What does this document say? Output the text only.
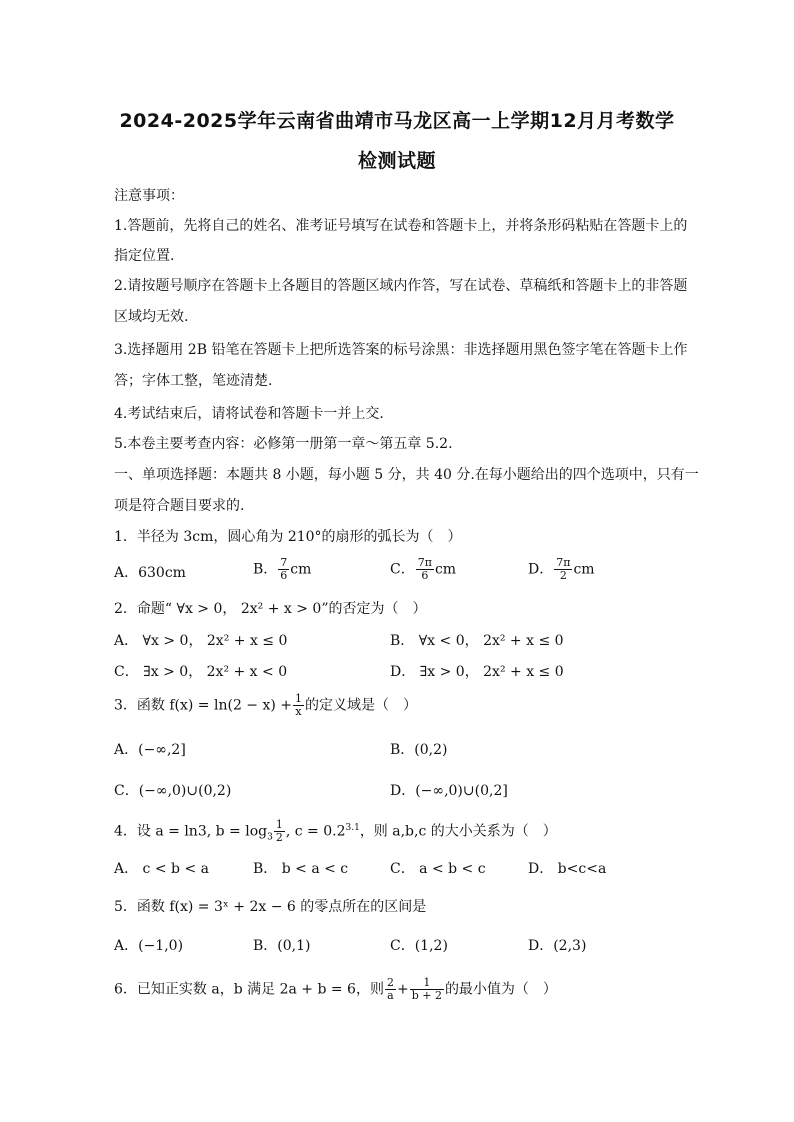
2024-2025学年云南省曲靖市马龙区高一上学期12月月考数学
检测试题
注意事项：
1.答题前，先将自己的姓名、准考证号填写在试卷和答题卡上，并将条形码粘贴在答题卡上的
指定位置.
2.请按题号顺序在答题卡上各题目的答题区域内作答，写在试卷、草稿纸和答题卡上的非答题
区域均无效.
3.选择题用 2B 铅笔在答题卡上把所选答案的标号涂黑：非选择题用黑色签字笔在答题卡上作
答；字体工整，笔迹清楚.
4.考试结束后，请将试卷和答题卡一并上交.
5.本卷主要考查内容：必修第一册第一章～第五章 5.2.
一、单项选择题：本题共 8 小题，每小题 5 分，共 40 分.在每小题给出的四个选项中，只有一
项是符合题目要求的.
1．半径为 3cm，圆心角为 210°的扇形的弧长为（　）
A．630cm	B． $\frac{7}{6}$ cm	C． $\frac{7\pi}{6}$ cm	D． $\frac{7\pi}{2}$ cm
2．命题“ ∀x > 0， 2x² + x > 0”的否定为（　）
A． ∀x > 0， 2x² + x ≤ 0	B． ∀x < 0， 2x² + x ≤ 0
C． ∃x > 0， 2x² + x < 0	D． ∃x > 0， 2x² + x ≤ 0
3．函数 $f(x) = \ln(2 - x) + \frac{1}{x}$ 的定义域是（　）
A．(−∞,2]	B．(0,2)
C．(−∞,0)∪(0,2)	D．(−∞,0)∪(0,2]
4．设 a = ln3, $b = \log_3 \frac{1}{2}$ , $c = 0.2^{3.1}$，则 a,b,c 的大小关系为（　）
A． c < b < a	B． b < a < c	C． a < b < c	D． b<c<a
5．函数 f(x) = 3ˣ + 2x − 6 的零点所在的区间是
A．(−1,0)	B．(0,1)	C．(1,2)	D．(2,3)
6．已知正实数 a，b 满足 2a + b = 6，则 $\frac{2}{a} + \frac{1}{b + 2}$ 的最小值为（　）
